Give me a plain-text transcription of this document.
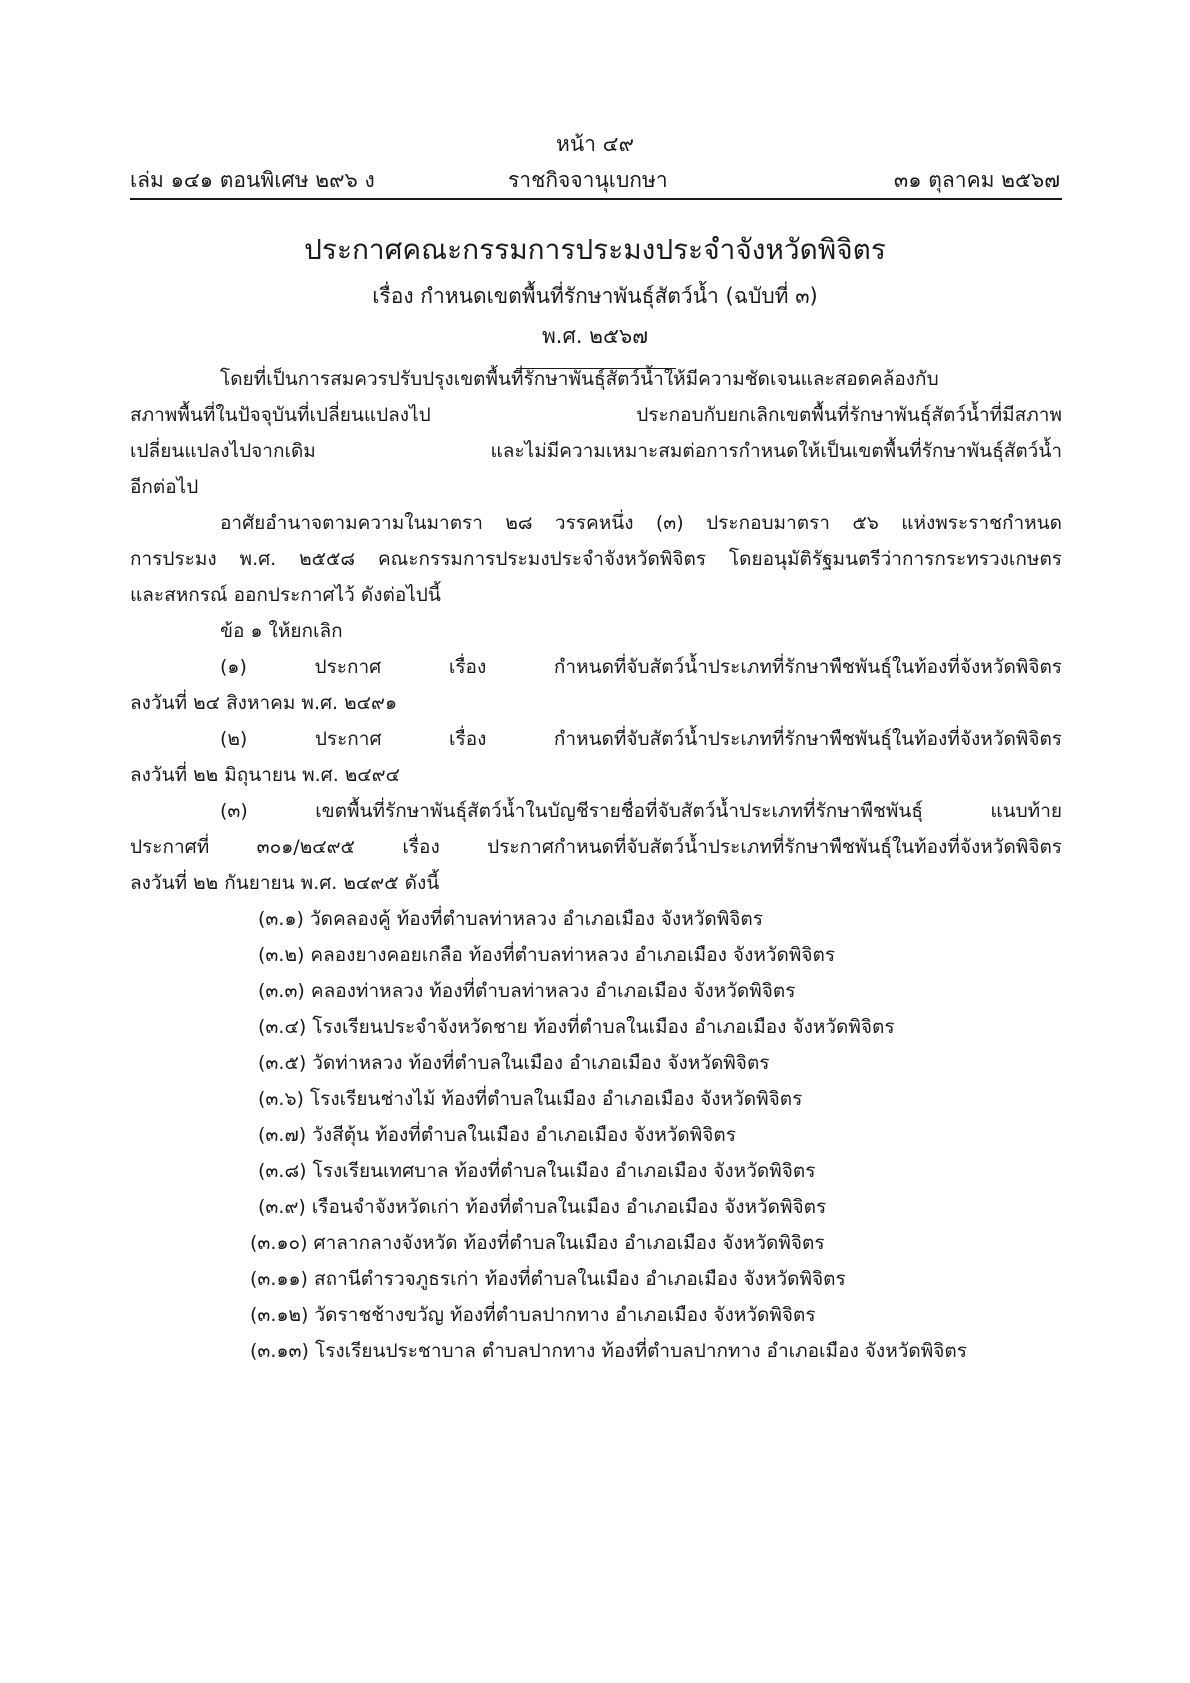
หน้า ๔๙
เล่ม ๑๔๑ ตอนพิเศษ ๒๙๖ ง	ราชกิจจานุเบกษา	๓๑ ตุลาคม ๒๕๖๗
ประกาศคณะกรรมการประมงประจำจังหวัดพิจิตร
เรื่อง กำหนดเขตพื้นที่รักษาพันธุ์สัตว์น้ำ (ฉบับที่ ๓)
พ.ศ. ๒๕๖๗
โดยที่เป็นการสมควรปรับปรุงเขตพื้นที่รักษาพันธุ์สัตว์น้ำให้มีความชัดเจนและสอดคล้องกับ
สภาพพื้นที่ในปัจจุบันที่เปลี่ยนแปลงไป ประกอบกับยกเลิกเขตพื้นที่รักษาพันธุ์สัตว์น้ำที่มีสภาพ
เปลี่ยนแปลงไปจากเดิม และไม่มีความเหมาะสมต่อการกำหนดให้เป็นเขตพื้นที่รักษาพันธุ์สัตว์น้ำ
อีกต่อไป
อาศัยอำนาจตามความในมาตรา ๒๘ วรรคหนึ่ง (๓) ประกอบมาตรา ๕๖ แห่งพระราชกำหนด
การประมง พ.ศ. ๒๕๕๘ คณะกรรมการประมงประจำจังหวัดพิจิตร โดยอนุมัติรัฐมนตรีว่าการกระทรวงเกษตร
และสหกรณ์ ออกประกาศไว้ ดังต่อไปนี้
ข้อ ๑ ให้ยกเลิก
(๑) ประกาศ เรื่อง กำหนดที่จับสัตว์น้ำประเภทที่รักษาพืชพันธุ์ในท้องที่จังหวัดพิจิตร
ลงวันที่ ๒๔ สิงหาคม พ.ศ. ๒๔๙๑
(๒) ประกาศ เรื่อง กำหนดที่จับสัตว์น้ำประเภทที่รักษาพืชพันธุ์ในท้องที่จังหวัดพิจิตร
ลงวันที่ ๒๒ มิถุนายน พ.ศ. ๒๔๙๔
(๓) เขตพื้นที่รักษาพันธุ์สัตว์น้ำในบัญชีรายชื่อที่จับสัตว์น้ำประเภทที่รักษาพืชพันธุ์ แนบท้าย
ประกาศที่ ๓๐๑/๒๔๙๕ เรื่อง ประกาศกำหนดที่จับสัตว์น้ำประเภทที่รักษาพืชพันธุ์ในท้องที่จังหวัดพิจิตร
ลงวันที่ ๒๒ กันยายน พ.ศ. ๒๔๙๕ ดังนี้
(๓.๑) วัดคลองคู้ ท้องที่ตำบลท่าหลวง อำเภอเมือง จังหวัดพิจิตร
(๓.๒) คลองยางคอยเกลือ ท้องที่ตำบลท่าหลวง อำเภอเมือง จังหวัดพิจิตร
(๓.๓) คลองท่าหลวง ท้องที่ตำบลท่าหลวง อำเภอเมือง จังหวัดพิจิตร
(๓.๔) โรงเรียนประจำจังหวัดชาย ท้องที่ตำบลในเมือง อำเภอเมือง จังหวัดพิจิตร
(๓.๕) วัดท่าหลวง ท้องที่ตำบลในเมือง อำเภอเมือง จังหวัดพิจิตร
(๓.๖) โรงเรียนช่างไม้ ท้องที่ตำบลในเมือง อำเภอเมือง จังหวัดพิจิตร
(๓.๗) วังสีตุ้น ท้องที่ตำบลในเมือง อำเภอเมือง จังหวัดพิจิตร
(๓.๘) โรงเรียนเทศบาล ท้องที่ตำบลในเมือง อำเภอเมือง จังหวัดพิจิตร
(๓.๙) เรือนจำจังหวัดเก่า ท้องที่ตำบลในเมือง อำเภอเมือง จังหวัดพิจิตร
(๓.๑๐) ศาลากลางจังหวัด ท้องที่ตำบลในเมือง อำเภอเมือง จังหวัดพิจิตร
(๓.๑๑) สถานีตำรวจภูธรเก่า ท้องที่ตำบลในเมือง อำเภอเมือง จังหวัดพิจิตร
(๓.๑๒) วัดราชช้างขวัญ ท้องที่ตำบลปากทาง อำเภอเมือง จังหวัดพิจิตร
(๓.๑๓) โรงเรียนประชาบาล ตำบลปากทาง ท้องที่ตำบลปากทาง อำเภอเมือง จังหวัดพิจิตร
